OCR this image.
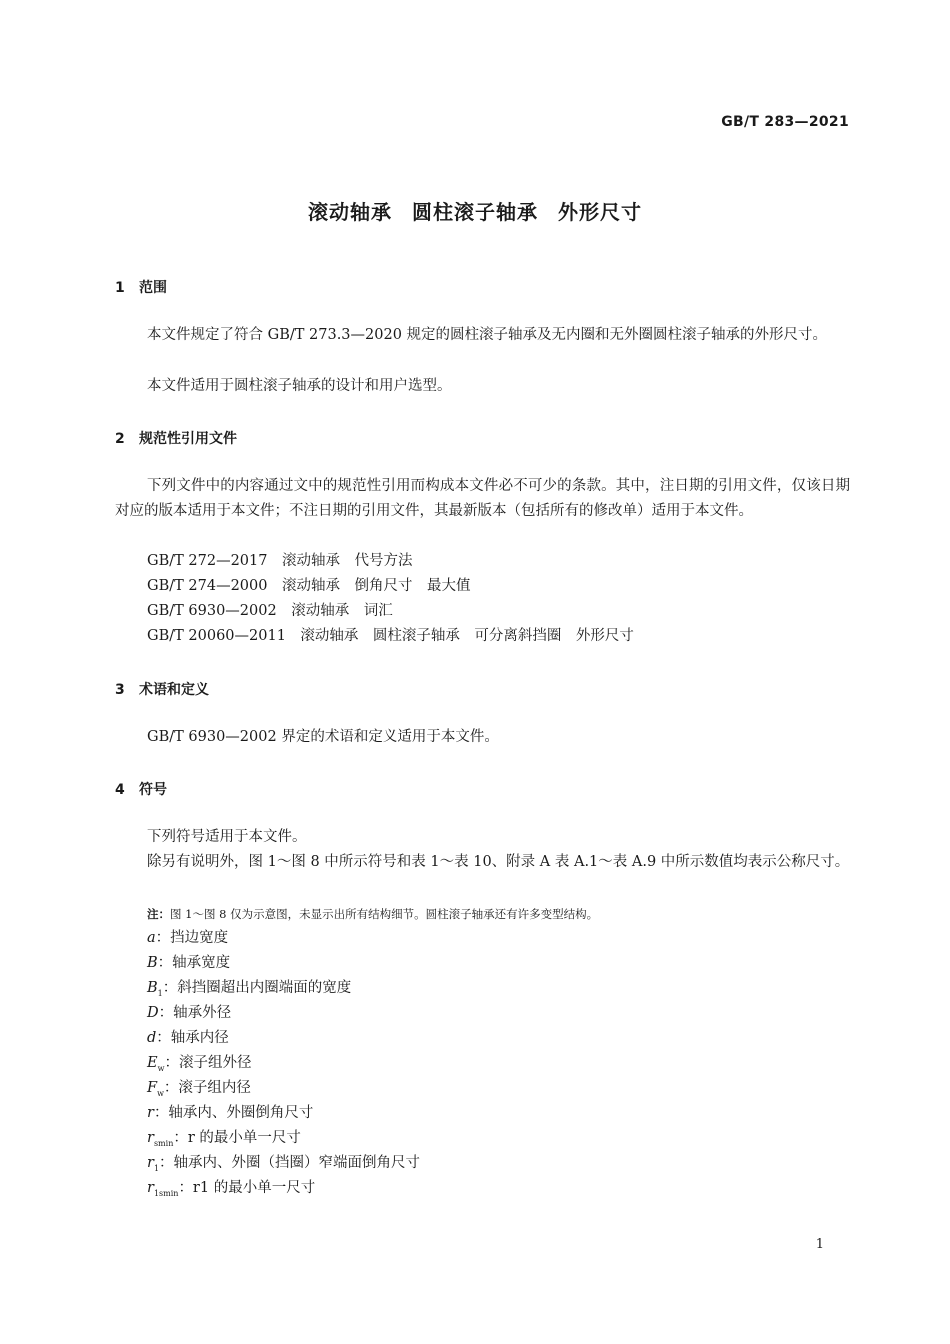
GB/T 283—2021
滚动轴承 圆柱滚子轴承 外形尺寸
1 范围
本文件规定了符合 GB/T 273.3—2020 规定的圆柱滚子轴承及无内圈和无外圈圆柱滚子轴承的外形尺寸。
本文件适用于圆柱滚子轴承的设计和用户选型。
2 规范性引用文件
下列文件中的内容通过文中的规范性引用而构成本文件必不可少的条款。其中，注日期的引用文件，仅该日期对应的版本适用于本文件；不注日期的引用文件，其最新版本（包括所有的修改单）适用于本文件。
GB/T 272—2017　滚动轴承　代号方法
GB/T 274—2000　滚动轴承　倒角尺寸　最大值
GB/T 6930—2002　滚动轴承　词汇
GB/T 20060—2011　滚动轴承　圆柱滚子轴承　可分离斜挡圈　外形尺寸
3 术语和定义
GB/T 6930—2002 界定的术语和定义适用于本文件。
4 符号
下列符号适用于本文件。
除另有说明外，图 1～图 8 中所示符号和表 1～表 10、附录 A 表 A.1～表 A.9 中所示数值均表示公称尺寸。
注：图 1～图 8 仅为示意图，未显示出所有结构细节。圆柱滚子轴承还有许多变型结构。
a：挡边宽度
B：轴承宽度
$B_1$：斜挡圈超出内圈端面的宽度
D：轴承外径
d：轴承内径
$E_w$：滚子组外径
$F_w$：滚子组内径
r：轴承内、外圈倒角尺寸
$r_{smin}$：r 的最小单一尺寸
$r_1$：轴承内、外圈（挡圈）窄端面倒角尺寸
$r_{1smin}$：r1 的最小单一尺寸
1
